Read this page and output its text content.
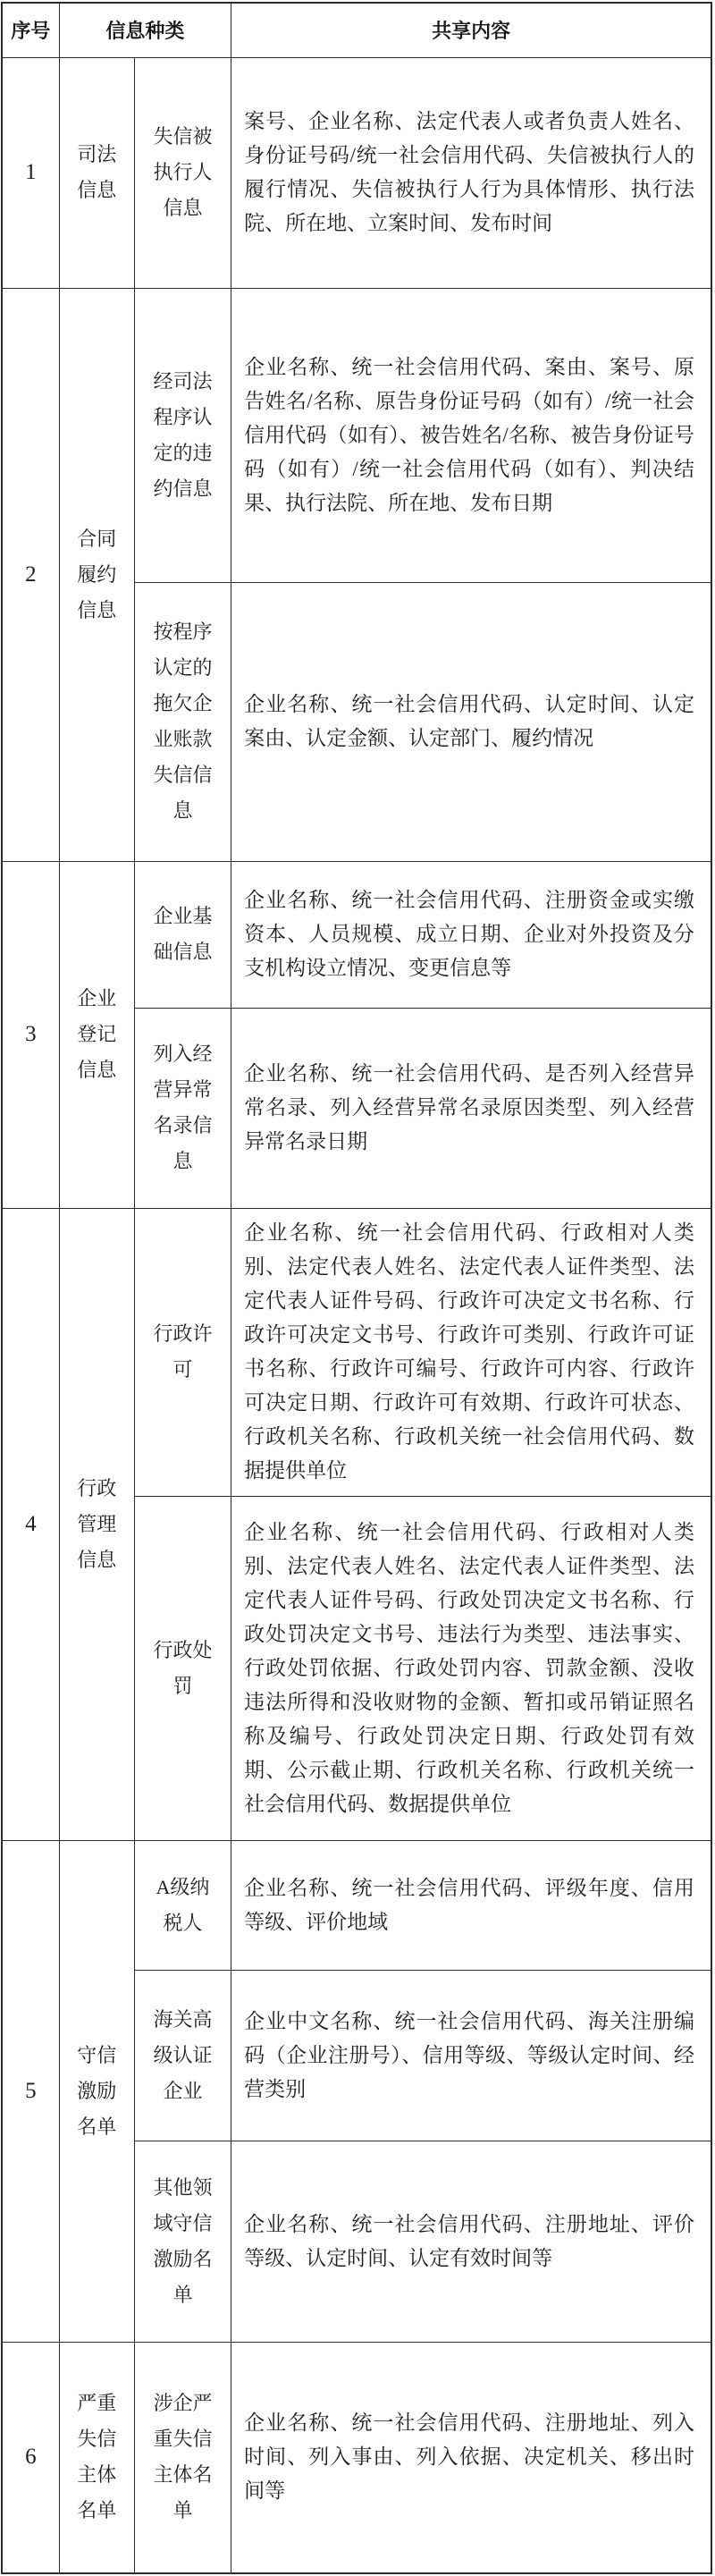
序号	信息种类		共享内容
1	司法信息	失信被执行人信息	案号、企业名称、法定代表人或者负责人姓名、身份证号码/统一社会信用代码、失信被执行人的履行情况、失信被执行人行为具体情形、执行法院、所在地、立案时间、发布时间
2	合同履约信息	经司法程序认定的违约信息	企业名称、统一社会信用代码、案由、案号、原告姓名/名称、原告身份证号码（如有）/统一社会信用代码（如有）、被告姓名/名称、被告身份证号码（如有）/统一社会信用代码（如有）、判决结果、执行法院、所在地、发布日期
		按程序认定的拖欠企业账款失信信息	企业名称、统一社会信用代码、认定时间、认定案由、认定金额、认定部门、履约情况
3	企业登记信息	企业基础信息	企业名称、统一社会信用代码、注册资金或实缴资本、人员规模、成立日期、企业对外投资及分支机构设立情况、变更信息等
		列入经营异常名录信息	企业名称、统一社会信用代码、是否列入经营异常名录、列入经营异常名录原因类型、列入经营异常名录日期
4	行政管理信息	行政许可	企业名称、统一社会信用代码、行政相对人类别、法定代表人姓名、法定代表人证件类型、法定代表人证件号码、行政许可决定文书名称、行政许可决定文书号、行政许可类别、行政许可证书名称、行政许可编号、行政许可内容、行政许可决定日期、行政许可有效期、行政许可状态、行政机关名称、行政机关统一社会信用代码、数据提供单位
		行政处罚	企业名称、统一社会信用代码、行政相对人类别、法定代表人姓名、法定代表人证件类型、法定代表人证件号码、行政处罚决定文书名称、行政处罚决定文书号、违法行为类型、违法事实、行政处罚依据、行政处罚内容、罚款金额、没收违法所得和没收财物的金额、暂扣或吊销证照名称及编号、行政处罚决定日期、行政处罚有效期、公示截止期、行政机关名称、行政机关统一社会信用代码、数据提供单位
5	守信激励名单	A级纳税人	企业名称、统一社会信用代码、评级年度、信用等级、评价地域
		海关高级认证企业	企业中文名称、统一社会信用代码、海关注册编码（企业注册号）、信用等级、等级认定时间、经营类别
		其他领域守信激励名单	企业名称、统一社会信用代码、注册地址、评价等级、认定时间、认定有效时间等
6	严重失信主体名单	涉企严重失信主体名单	企业名称、统一社会信用代码、注册地址、列入时间、列入事由、列入依据、决定机关、移出时间等
